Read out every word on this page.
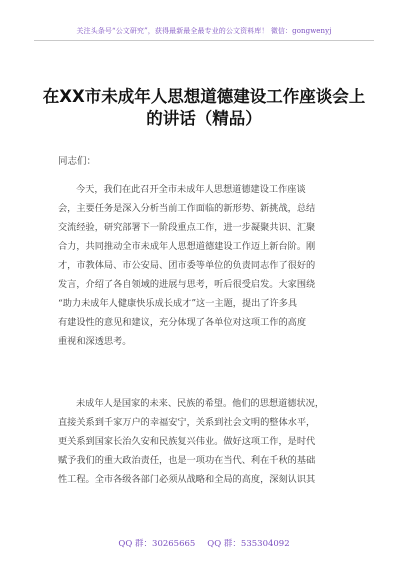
关注头条号“公文研究”，获得最新最全最专业的公文资料库！ 微信：gongwenyj
在XX市未成年人思想道德建设工作座谈会上
的讲话（精品）
同志们：
今天，我们在此召开全市未成年人思想道德建设工作座谈
会，主要任务是深入分析当前工作面临的新形势、新挑战，总结
交流经验，研究部署下一阶段重点工作，进一步凝聚共识、汇聚
合力，共同推动全市未成年人思想道德建设工作迈上新台阶。刚
才，市教体局、市公安局、团市委等单位的负责同志作了很好的
发言，介绍了各自领域的进展与思考，听后很受启发。大家围绕
“助力未成年人健康快乐成长成才”这一主题，提出了许多具
有建设性的意见和建议，充分体现了各单位对这项工作的高度
重视和深透思考。
未成年人是国家的未来、民族的希望。他们的思想道德状况，
直接关系到千家万户的幸福安宁，关系到社会文明的整体水平，
更关系到国家长治久安和民族复兴伟业。做好这项工作，是时代
赋予我们的重大政治责任，也是一项功在当代、利在千秋的基础
性工程。全市各级各部门必须从战略和全局的高度，深刻认识其
QQ 群：30265665 QQ 群：535304092
